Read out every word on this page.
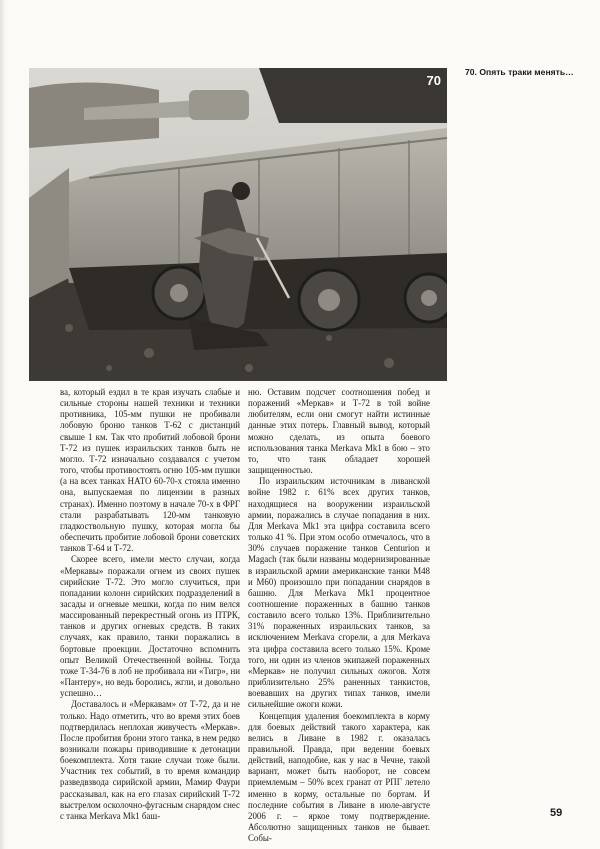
70
70. Опять траки менять…

ва, который ездил в те края изучать слабые и сильные стороны нашей техники и техники противника, 105-мм пушки не пробивали лобовую броню танков Т-62 с дистанций свыше 1 км. Так что пробитий лобовой брони Т-72 из пушек израильских танков быть не могло. Т-72 изначально создавался с учетом того, чтобы противостоять огню 105-мм пушки (а на всех танках НАТО 60-70-х стояла именно она, выпускаемая по лицензии в разных странах). Именно поэтому в начале 70-х в ФРГ стали разрабатывать 120-мм танковую гладкоствольную пушку, которая могла бы обеспечить пробитие лобовой брони советских танков Т-64 и Т-72.

Скорее всего, имели место случаи, когда «Меркавы» поражали огнем из своих пушек сирийские Т-72. Это могло случиться, при попадании колонн сирийских подразделений в засады и огневые мешки, когда по ним велся массированный перекрестный огонь из ПТРК, танков и других огневых средств. В таких случаях, как правило, танки поражались в бортовые проекции. Достаточно вспомнить опыт Великой Отечественной войны. Тогда тоже Т-34-76 в лоб не пробивала ни «Тигр», ни «Пантеру», но ведь боролись, жгли, и довольно успешно…

Доставалось и «Меркавам» от Т-72, да и не только. Надо отметить, что во время этих боев подтвердилась неплохая живучесть «Меркав». После пробития брони этого танка, в нем редко возникали пожары приводившие к детонации боекомплекта. Хотя такие случаи тоже были. Участник тех событий, в то время командир разведвзвода сирийской армии, Мамир Фаури рассказывал, как на его глазах сирийский Т-72 выстрелом осколочно-фугасным снарядом снес с танка Merkava Mk1 баш-

ню. Оставим подсчет соотношения побед и поражений «Меркав» и Т-72 в той войне любителям, если они смогут найти истинные данные этих потерь. Главный вывод, который можно сделать, из опыта боевого использования танка Merkava Mk1 в бою – это то, что танк обладает хорошей защищенностью.

По израильским источникам в ливанской войне 1982 г. 61% всех других танков, находящиеся на вооружении израильской армии, поражались в случае попадания в них. Для Merkava Mk1 эта цифра составила всего только 41 %. При этом особо отмечалось, что в 30% случаев поражение танков Centurion и Magach (так были названы модернизированные в израильской армии американские танки М48 и М60) произошло при попадании снарядов в башню. Для Merkava Mk1 процентное соотношение пораженных в башню танков составило всего только 13%. Приблизительно 31% пораженных израильских танков, за исключением Merkava сгорели, а для Merkava эта цифра составила всего только 15%. Кроме того, ни один из членов экипажей пораженных «Меркав» не получил сильных ожогов. Хотя приблизительно 25% раненных танкистов, воевавших на других типах танков, имели сильнейшие ожоги кожи.

Концепция удаления боекомплекта в корму для боевых действий такого характера, как велись в Ливане в 1982 г. оказалась правильной. Правда, при ведении боевых действий, наподобие, как у нас в Чечне, такой вариант, может быть наоборот, не совсем приемлемым – 50% всех гранат от РПГ летело именно в корму, остальные по бортам. И последние события в Ливане в июле-августе 2006 г. – яркое тому подтверждение. Абсолютно защищенных танков не бывает. Собы-

59
